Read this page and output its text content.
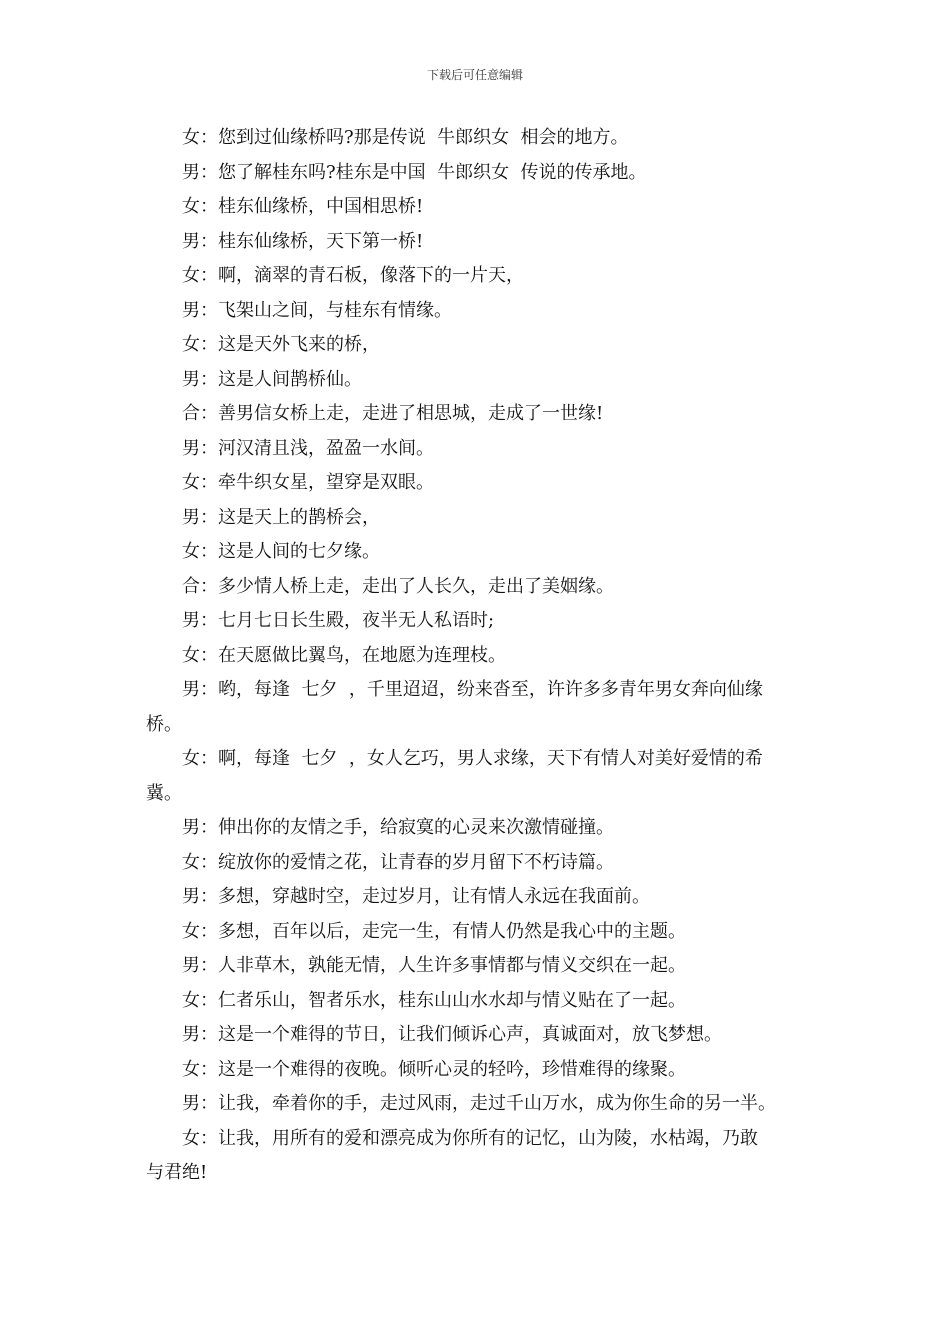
下载后可任意编辑

女：您到过仙缘桥吗?那是传说  牛郎织女  相会的地方。

男：您了解桂东吗?桂东是中国  牛郎织女  传说的传承地。

女：桂东仙缘桥，中国相思桥!

男：桂东仙缘桥，天下第一桥!

女：啊，滴翠的青石板，像落下的一片天，

男：飞架山之间，与桂东有情缘。

女：这是天外飞来的桥，

男：这是人间鹊桥仙。

合：善男信女桥上走，走进了相思城，走成了一世缘!

男：河汉清且浅，盈盈一水间。

女：牵牛织女星，望穿是双眼。

男：这是天上的鹊桥会，

女：这是人间的七夕缘。

合：多少情人桥上走，走出了人长久，走出了美姻缘。

男：七月七日长生殿，夜半无人私语时;

女：在天愿做比翼鸟，在地愿为连理枝。

男：哟，每逢  七夕  ，千里迢迢，纷来沓至，许许多多青年男女奔向仙缘

桥。

女：啊，每逢  七夕  ，女人乞巧，男人求缘，天下有情人对美好爱情的希

冀。

男：伸出你的友情之手，给寂寞的心灵来次激情碰撞。

女：绽放你的爱情之花，让青春的岁月留下不朽诗篇。

男：多想，穿越时空，走过岁月，让有情人永远在我面前。

女：多想，百年以后，走完一生，有情人仍然是我心中的主题。

男：人非草木，孰能无情，人生许多事情都与情义交织在一起。

女：仁者乐山，智者乐水，桂东山山水水却与情义贴在了一起。

男：这是一个难得的节日，让我们倾诉心声，真诚面对，放飞梦想。

女：这是一个难得的夜晚。倾听心灵的轻吟，珍惜难得的缘聚。

男：让我，牵着你的手，走过风雨，走过千山万水，成为你生命的另一半。

女：让我，用所有的爱和漂亮成为你所有的记忆，山为陵，水枯竭，乃敢

与君绝!
